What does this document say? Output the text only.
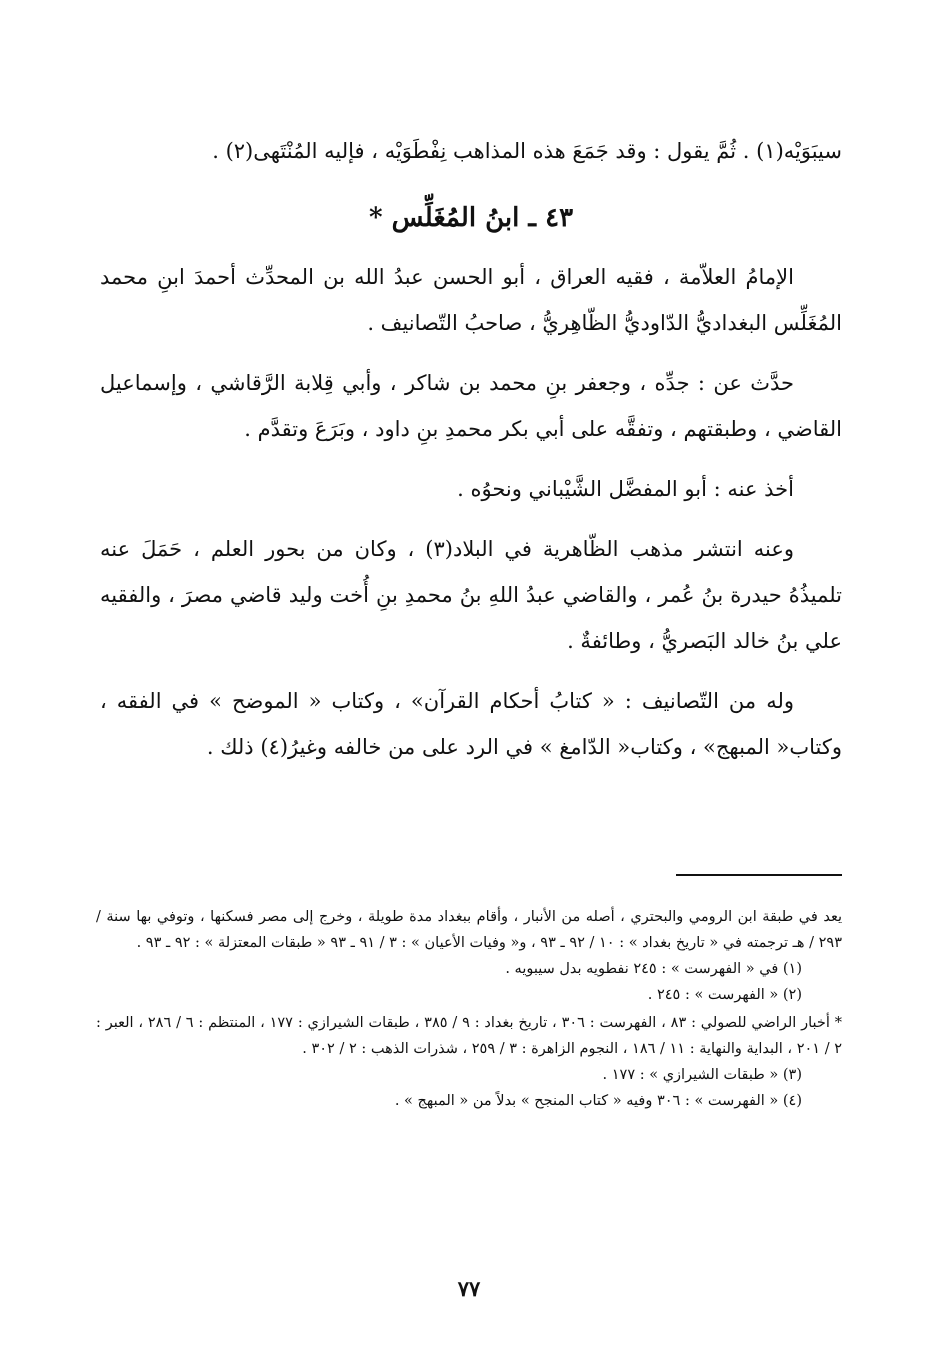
سيبَوَيْه(١) . ثُمَّ يقول : وقد جَمَعَ هذه المذاهب نِفْطَوَيْه ، فإليه المُنْتَهى(٢) .

٤٣ ـ ابنُ المُغَلِّس *

الإمامُ العلاّمة ، فقيه العراق ، أبو الحسن عبدُ الله بن المحدِّث أحمدَ ابنِ محمد المُغَلِّس البغداديُّ الدّاوديُّ الظّاهِريُّ ، صاحبُ التّصانيف .

حدَّث عن : جدِّه ، وجعفر بنِ محمد بن شاكر ، وأبي قِلابة الرَّقاشي ، وإسماعيل القاضي ، وطبقتهم ، وتفقَّه على أبي بكر محمدِ بنِ داود ، وبَرَعَ وتقدَّم .

أخذ عنه : أبو المفضَّل الشَّيْباني ونحوُه .

وعنه انتشر مذهب الظّاهرية في البلاد(٣) ، وكان من بحور العلم ، حَمَلَ عنه تلميذُهُ حيدرة بنُ عُمر ، والقاضي عبدُ اللهِ بنُ محمدِ بنِ أُخت وليد قاضي مصرَ ، والفقيه علي بنُ خالد البَصريُّ ، وطائفةٌ .

وله من التّصانيف : « كتابُ أحكام القرآن» ، وكتاب « الموضح » في الفقه ، وكتاب« المبهج» ، وكتاب« الدّامغ » في الرد على من خالفه وغيرُ(٤) ذلك .

يعد في طبقة ابن الرومي والبحتري ، أصله من الأنبار ، وأقام ببغداد مدة طويلة ، وخرج إلى مصر فسكنها ، وتوفي بها سنة / ٢٩٣ / هـ ترجمته في « تاريخ بغداد » : ١٠ / ٩٢ ـ ٩٣ ، و« وفيات الأعيان » : ٣ / ٩١ ـ ٩٣ « طبقات المعتزلة » : ٩٢ ـ ٩٣ .

(١) في « الفهرست » : ٢٤٥ نفطويه بدل سيبويه .

(٢) « الفهرست » : ٢٤٥ .

* أخبار الراضي للصولي : ٨٣ ، الفهرست : ٣٠٦ ، تاريخ بغداد : ٩ / ٣٨٥ ، طبقات الشيرازي : ١٧٧ ، المنتظم : ٦ / ٢٨٦ ، العبر : ٢ / ٢٠١ ، البداية والنهاية : ١١ / ١٨٦ ، النجوم الزاهرة : ٣ / ٢٥٩ ، شذرات الذهب : ٢ / ٣٠٢ .

(٣) « طبقات الشيرازي » : ١٧٧ .

(٤) « الفهرست » : ٣٠٦ وفيه « كتاب المنجح » بدلاً من « المبهج » .

٧٧
